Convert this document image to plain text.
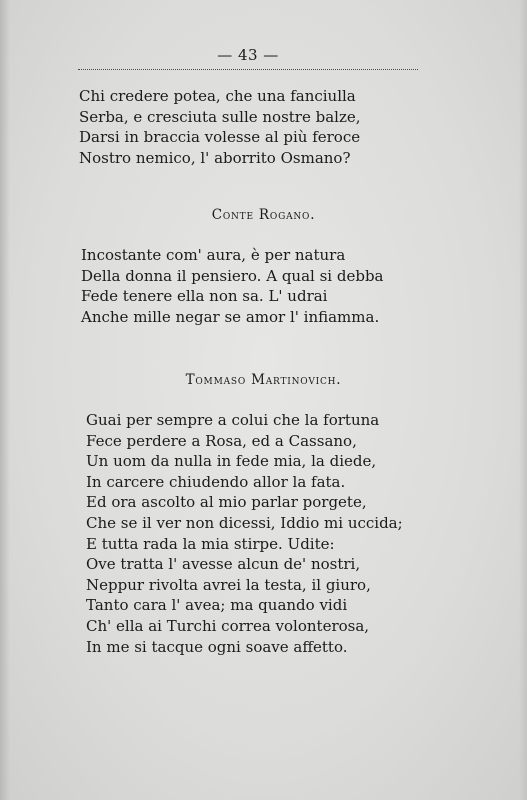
— 43 —
Chi credere potea, che una fanciulla
Serba, e cresciuta sulle nostre balze,
Darsi in braccia volesse al più feroce
Nostro nemico, l' aborrito Osmano?
Conte Rogano.
Incostante com' aura, è per natura
Della donna il pensiero. A qual si debba
Fede tenere ella non sa. L' udrai
Anche mille negar se amor l' infiamma.
Tommaso Martinovich.
Guai per sempre a colui che la fortuna
Fece perdere a Rosa, ed a Cassano,
Un uom da nulla in fede mia, la diede,
In carcere chiudendo allor la fata.
Ed ora ascolto al mio parlar porgete,
Che se il ver non dicessi, Iddio mi uccida;
E tutta rada la mia stirpe. Udite:
Ove tratta l' avesse alcun de' nostri,
Neppur rivolta avrei la testa, il giuro,
Tanto cara l' avea; ma quando vidi
Ch' ella ai Turchi correa volonterosa,
In me si tacque ogni soave affetto.
